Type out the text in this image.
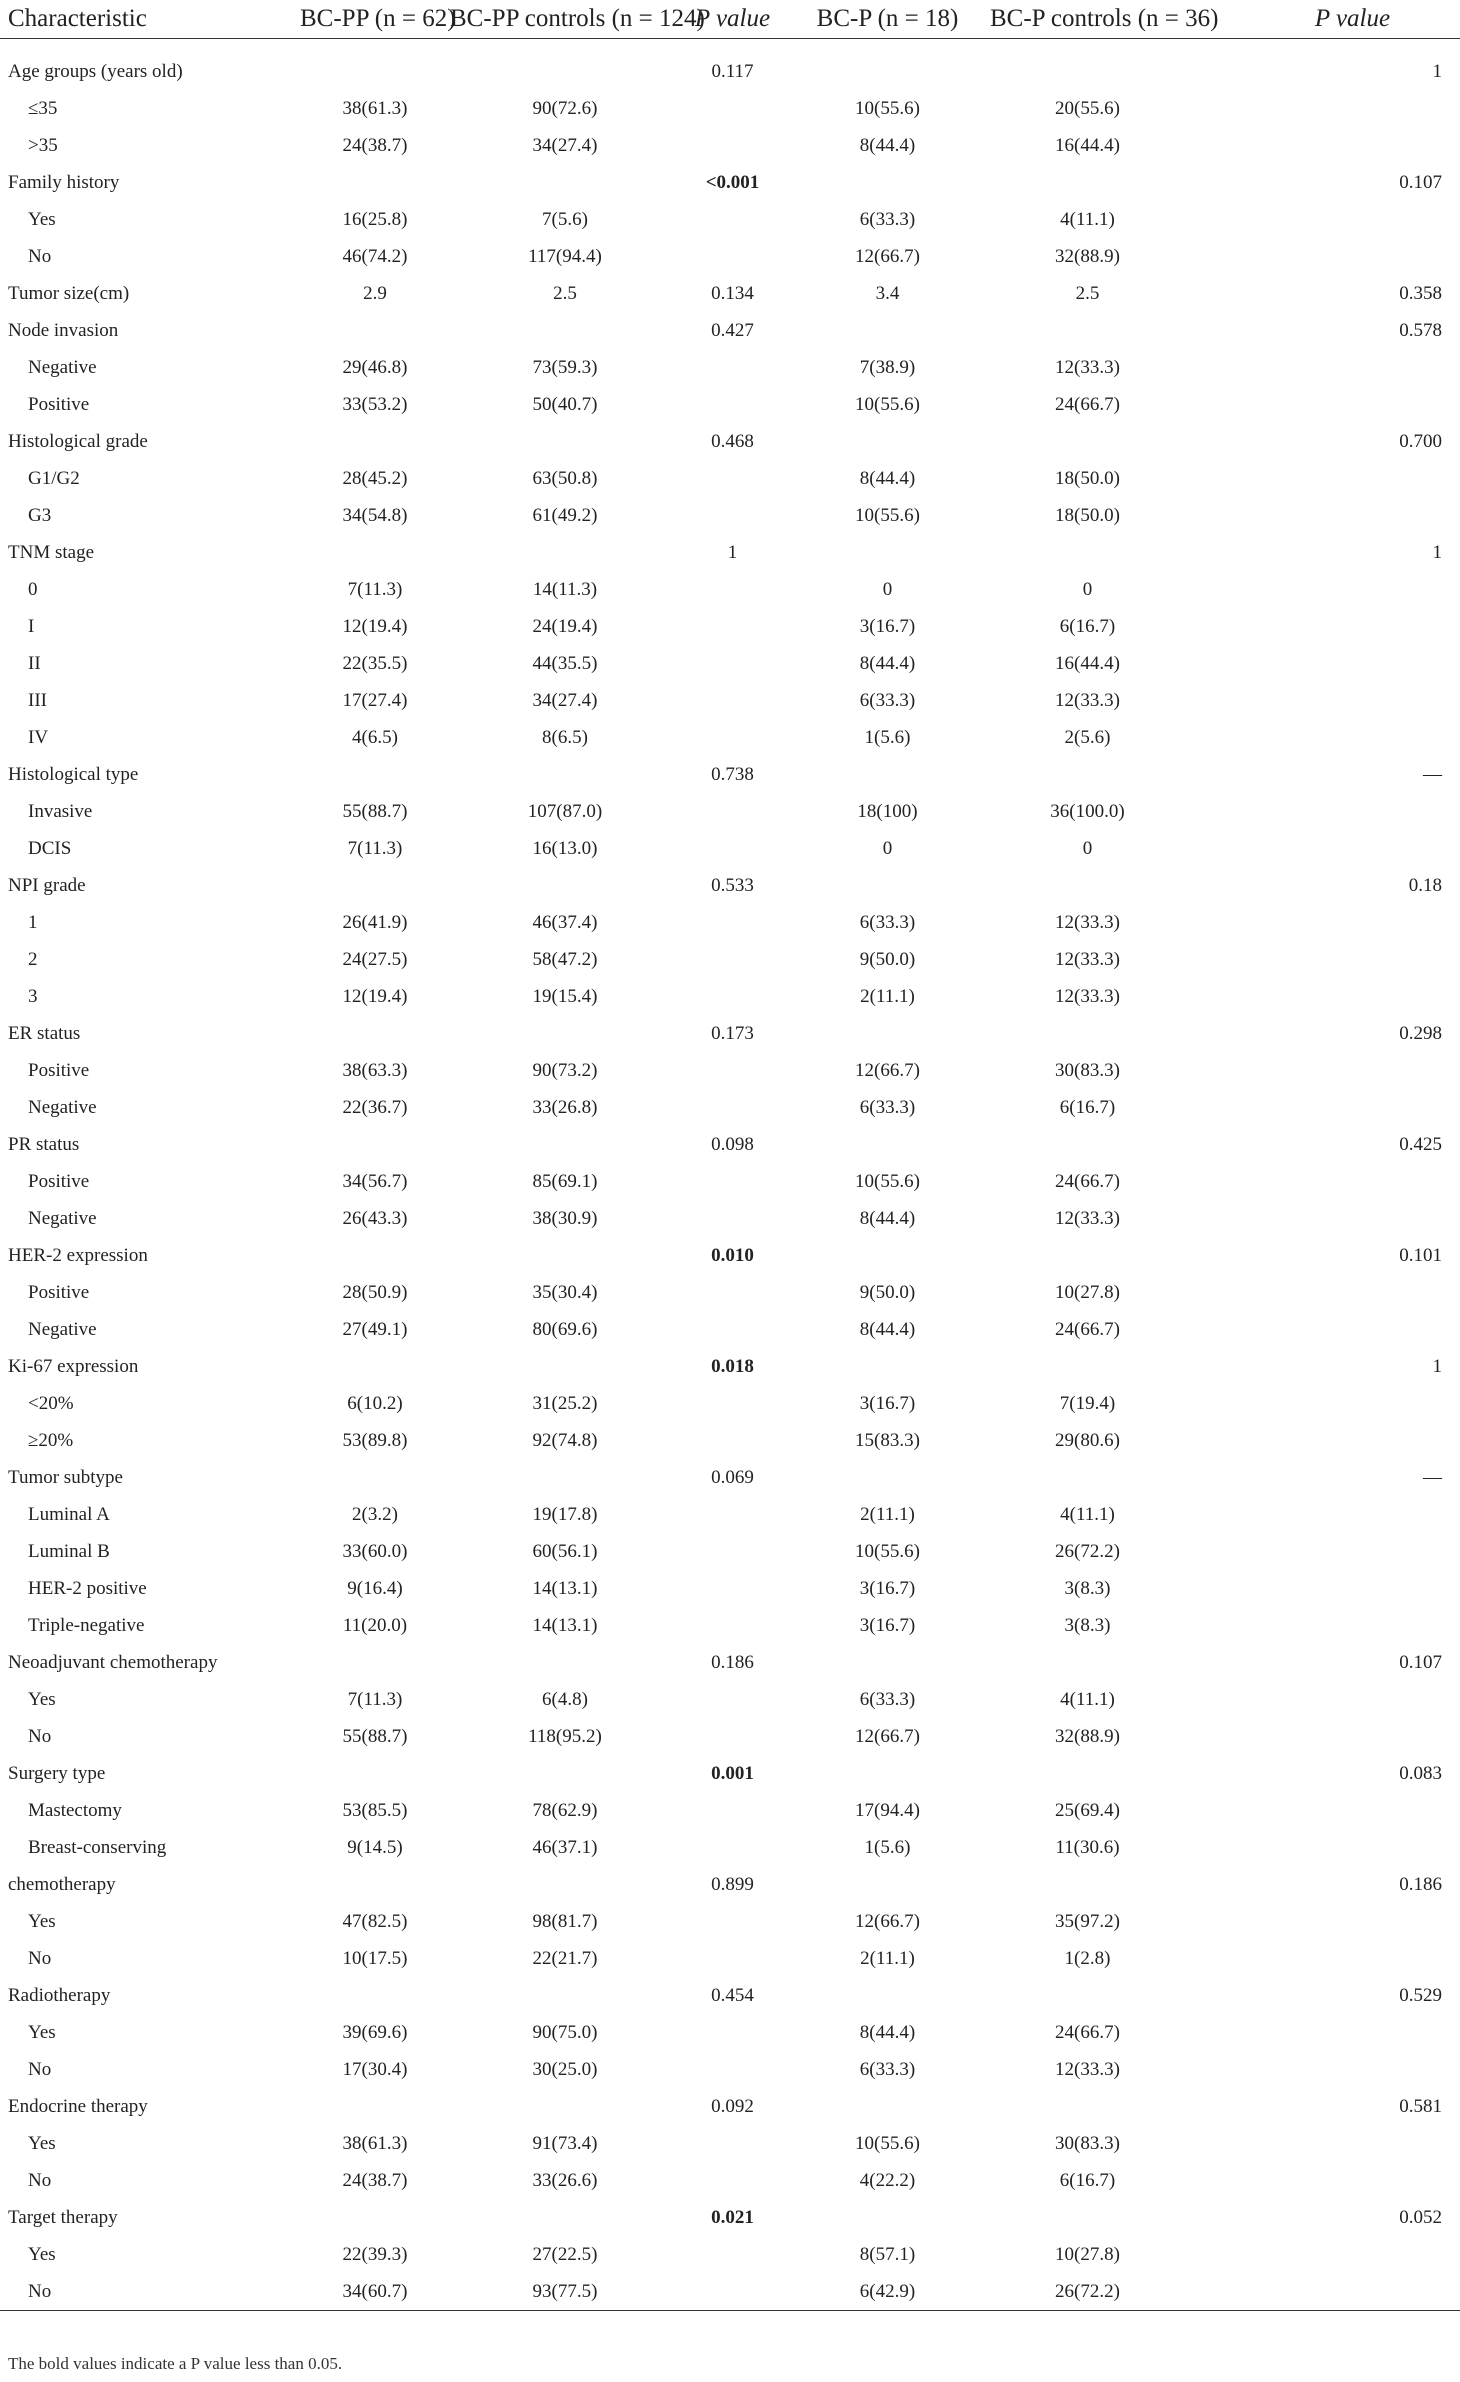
Characteristic	BC-PP (n = 62)	BC-PP controls (n = 124)	P value	BC-P (n = 18)	BC-P controls (n = 36)	P value

Age groups (years old)			0.117			1
≤35	38(61.3)	90(72.6)		10(55.6)	20(55.6)	
>35	24(38.7)	34(27.4)		8(44.4)	16(44.4)	
Family history			<0.001			0.107
Yes	16(25.8)	7(5.6)		6(33.3)	4(11.1)	
No	46(74.2)	117(94.4)		12(66.7)	32(88.9)	
Tumor size(cm)	2.9	2.5	0.134	3.4	2.5	0.358
Node invasion			0.427			0.578
Negative	29(46.8)	73(59.3)		7(38.9)	12(33.3)	
Positive	33(53.2)	50(40.7)		10(55.6)	24(66.7)	
Histological grade			0.468			0.700
G1/G2	28(45.2)	63(50.8)		8(44.4)	18(50.0)	
G3	34(54.8)	61(49.2)		10(55.6)	18(50.0)	
TNM stage			1			1
0	7(11.3)	14(11.3)		0	0	
I	12(19.4)	24(19.4)		3(16.7)	6(16.7)	
II	22(35.5)	44(35.5)		8(44.4)	16(44.4)	
III	17(27.4)	34(27.4)		6(33.3)	12(33.3)	
IV	4(6.5)	8(6.5)		1(5.6)	2(5.6)	
Histological type			0.738			—
Invasive	55(88.7)	107(87.0)		18(100)	36(100.0)	
DCIS	7(11.3)	16(13.0)		0	0	
NPI grade			0.533			0.18
1	26(41.9)	46(37.4)		6(33.3)	12(33.3)	
2	24(27.5)	58(47.2)		9(50.0)	12(33.3)	
3	12(19.4)	19(15.4)		2(11.1)	12(33.3)	
ER status			0.173			0.298
Positive	38(63.3)	90(73.2)		12(66.7)	30(83.3)	
Negative	22(36.7)	33(26.8)		6(33.3)	6(16.7)	
PR status			0.098			0.425
Positive	34(56.7)	85(69.1)		10(55.6)	24(66.7)	
Negative	26(43.3)	38(30.9)		8(44.4)	12(33.3)	
HER-2 expression			0.010			0.101
Positive	28(50.9)	35(30.4)		9(50.0)	10(27.8)	
Negative	27(49.1)	80(69.6)		8(44.4)	24(66.7)	
Ki-67 expression			0.018			1
<20%	6(10.2)	31(25.2)		3(16.7)	7(19.4)	
≥20%	53(89.8)	92(74.8)		15(83.3)	29(80.6)	
Tumor subtype			0.069			—
Luminal A	2(3.2)	19(17.8)		2(11.1)	4(11.1)	
Luminal B	33(60.0)	60(56.1)		10(55.6)	26(72.2)	
HER-2 positive	9(16.4)	14(13.1)		3(16.7)	3(8.3)	
Triple-negative	11(20.0)	14(13.1)		3(16.7)	3(8.3)	
Neoadjuvant chemotherapy			0.186			0.107
Yes	7(11.3)	6(4.8)		6(33.3)	4(11.1)	
No	55(88.7)	118(95.2)		12(66.7)	32(88.9)	
Surgery type			0.001			0.083
Mastectomy	53(85.5)	78(62.9)		17(94.4)	25(69.4)	
Breast-conserving	9(14.5)	46(37.1)		1(5.6)	11(30.6)	
chemotherapy			0.899			0.186
Yes	47(82.5)	98(81.7)		12(66.7)	35(97.2)	
No	10(17.5)	22(21.7)		2(11.1)	1(2.8)	
Radiotherapy			0.454			0.529
Yes	39(69.6)	90(75.0)		8(44.4)	24(66.7)	
No	17(30.4)	30(25.0)		6(33.3)	12(33.3)	
Endocrine therapy			0.092			0.581
Yes	38(61.3)	91(73.4)		10(55.6)	30(83.3)	
No	24(38.7)	33(26.6)		4(22.2)	6(16.7)	
Target therapy			0.021			0.052
Yes	22(39.3)	27(22.5)		8(57.1)	10(27.8)	
No	34(60.7)	93(77.5)		6(42.9)	26(72.2)	
The bold values indicate a P value less than 0.05.
